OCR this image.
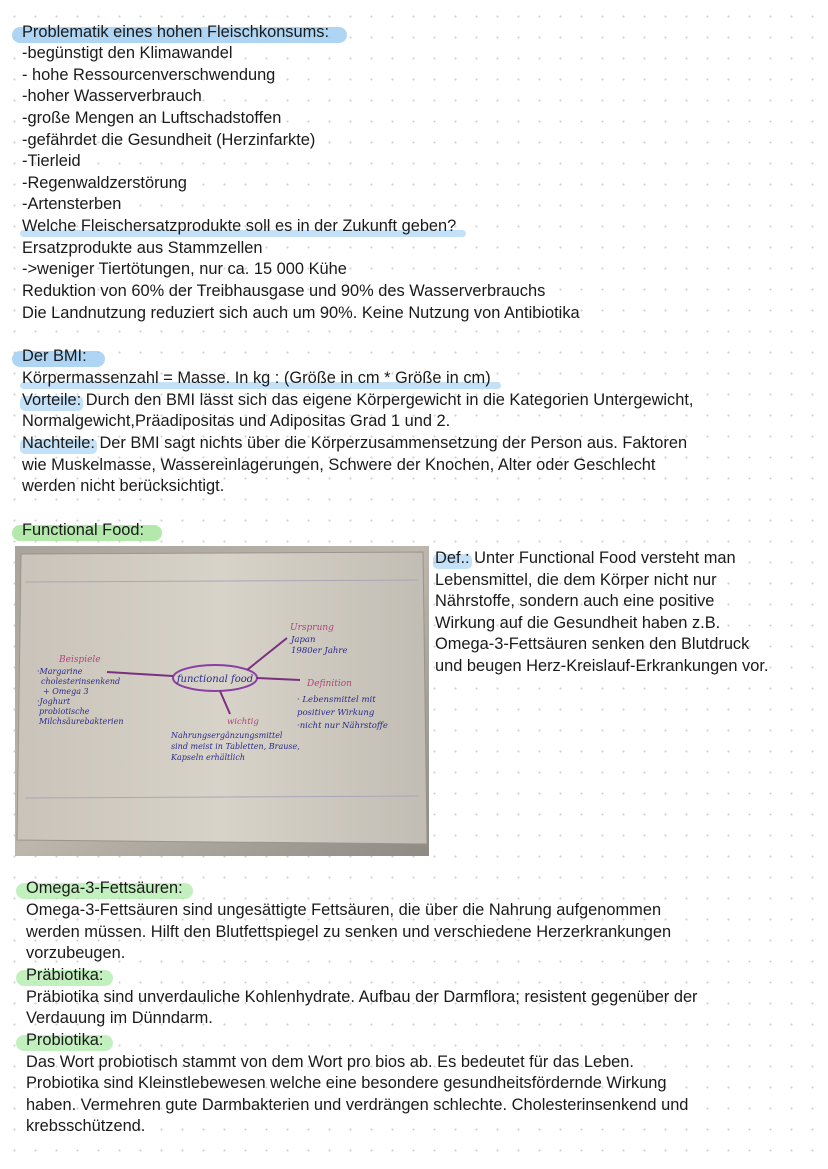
Problematik eines hohen Fleischkonsums:
-begünstigt den Klimawandel
- hohe Ressourcenverschwendung
-hoher Wasserverbrauch
-große Mengen an Luftschadstoffen
-gefährdet die Gesundheit (Herzinfarkte)
-Tierleid
-Regenwaldzerstörung
-Artensterben
Welche Fleischersatzprodukte soll es in der Zukunft geben?
Ersatzprodukte aus Stammzellen
->weniger Tiertötungen, nur ca. 15 000 Kühe
Reduktion von 60% der Treibhausgase und 90% des Wasserverbrauchs
Die Landnutzung reduziert sich auch um 90%. Keine Nutzung von Antibiotika
Der BMI:
Körpermassenzahl = Masse. In kg : (Größe in cm * Größe in cm)
Vorteile: Durch den BMI lässt sich das eigene Körpergewicht in die Kategorien Untergewicht,
Normalgewicht,Präadipositas und Adipositas Grad 1 und 2.
Nachteile: Der BMI sagt nichts über die Körperzusammensetzung der Person aus. Faktoren
wie Muskelmasse, Wassereinlagerungen, Schwere der Knochen, Alter oder Geschlecht
werden nicht berücksichtigt.
Functional Food:
functional food
Ursprung
Japan
1980er Jahre
Beispiele
·Margarine
cholesterinsenkend
+ Omega 3
·Joghurt
probiotische
Milchsäurebakterien
Definition
· Lebensmittel mit
positiver Wirkung
·nicht nur Nährstoffe
wichtig
Nahrungsergänzungsmittel
sind meist in Tabletten, Brause,
Kapseln erhältlich
Def.: Unter Functional Food versteht man
Lebensmittel, die dem Körper nicht nur
Nährstoffe, sondern auch eine positive
Wirkung auf die Gesundheit haben z.B.
Omega-3-Fettsäuren senken den Blutdruck
und beugen Herz-Kreislauf-Erkrankungen vor.
Omega-3-Fettsäuren:
Omega-3-Fettsäuren sind ungesättigte Fettsäuren, die über die Nahrung aufgenommen
werden müssen. Hilft den Blutfettspiegel zu senken und verschiedene Herzerkrankungen
vorzubeugen.
Präbiotika:
Präbiotika sind unverdauliche Kohlenhydrate. Aufbau der Darmflora; resistent gegenüber der
Verdauung im Dünndarm.
Probiotika:
Das Wort probiotisch stammt von dem Wort pro bios ab. Es bedeutet für das Leben.
Probiotika sind Kleinstlebewesen welche eine besondere gesundheitsfördernde Wirkung
haben. Vermehren gute Darmbakterien und verdrängen schlechte. Cholesterinsenkend und
krebsschützend.
